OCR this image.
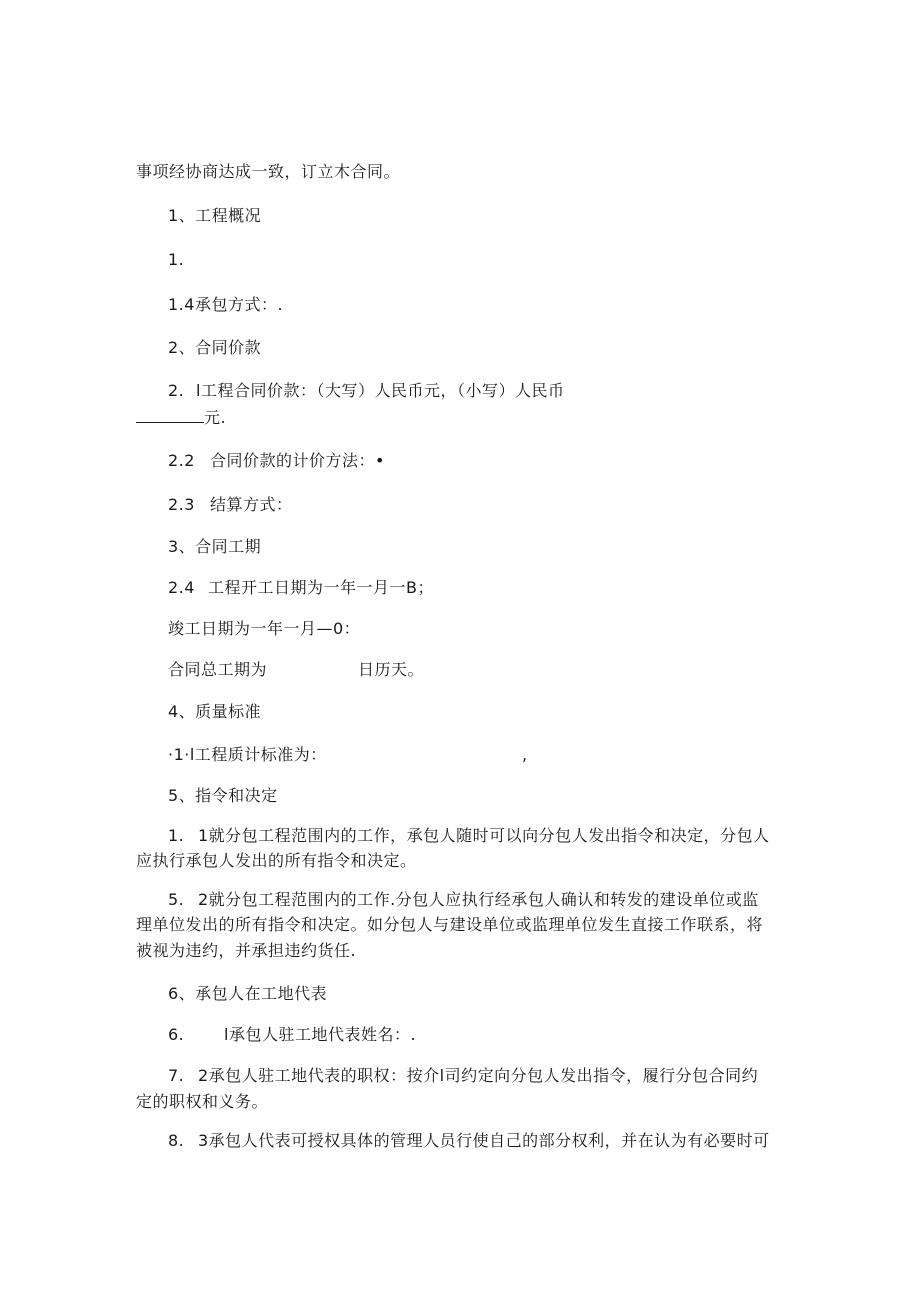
事项经协商达成一致，订立木合同。
1、工程概况
1.
1.4承包方式：.
2、合同价款
2. l工程合同价款：（大写）人民币元，（小写）人民币
元.
2.2 合同价款的计价方法：•
2.3 结算方式：
3、合同工期
2.4 工程开工日期为一年一月一B；
竣工日期为一年一月—0：
合同总工期为	日历天。
4、质量标准
·1·l工程质计标准为：	,
5、指令和决定
1. 1就分包工程范围内的工作，承包人随时可以向分包人发出指令和决定，分包人
应执行承包人发出的所有指令和决定。
5. 2就分包工程范围内的工作.分包人应执行经承包人确认和转发的建设单位或监
理单位发出的所有指令和决定。如分包人与建设单位或监理单位发生直接工作联系，将
被视为违约，并承担违约货任.
6、承包人在工地代表
6. l承包人驻工地代表姓名：.
7. 2承包人驻工地代表的职权：按介l司约定向分包人发出指令，履行分包合同约
定的职权和义务。
8. 3承包人代表可授权具体的管理人员行使自己的部分权利，并在认为有必要时可
